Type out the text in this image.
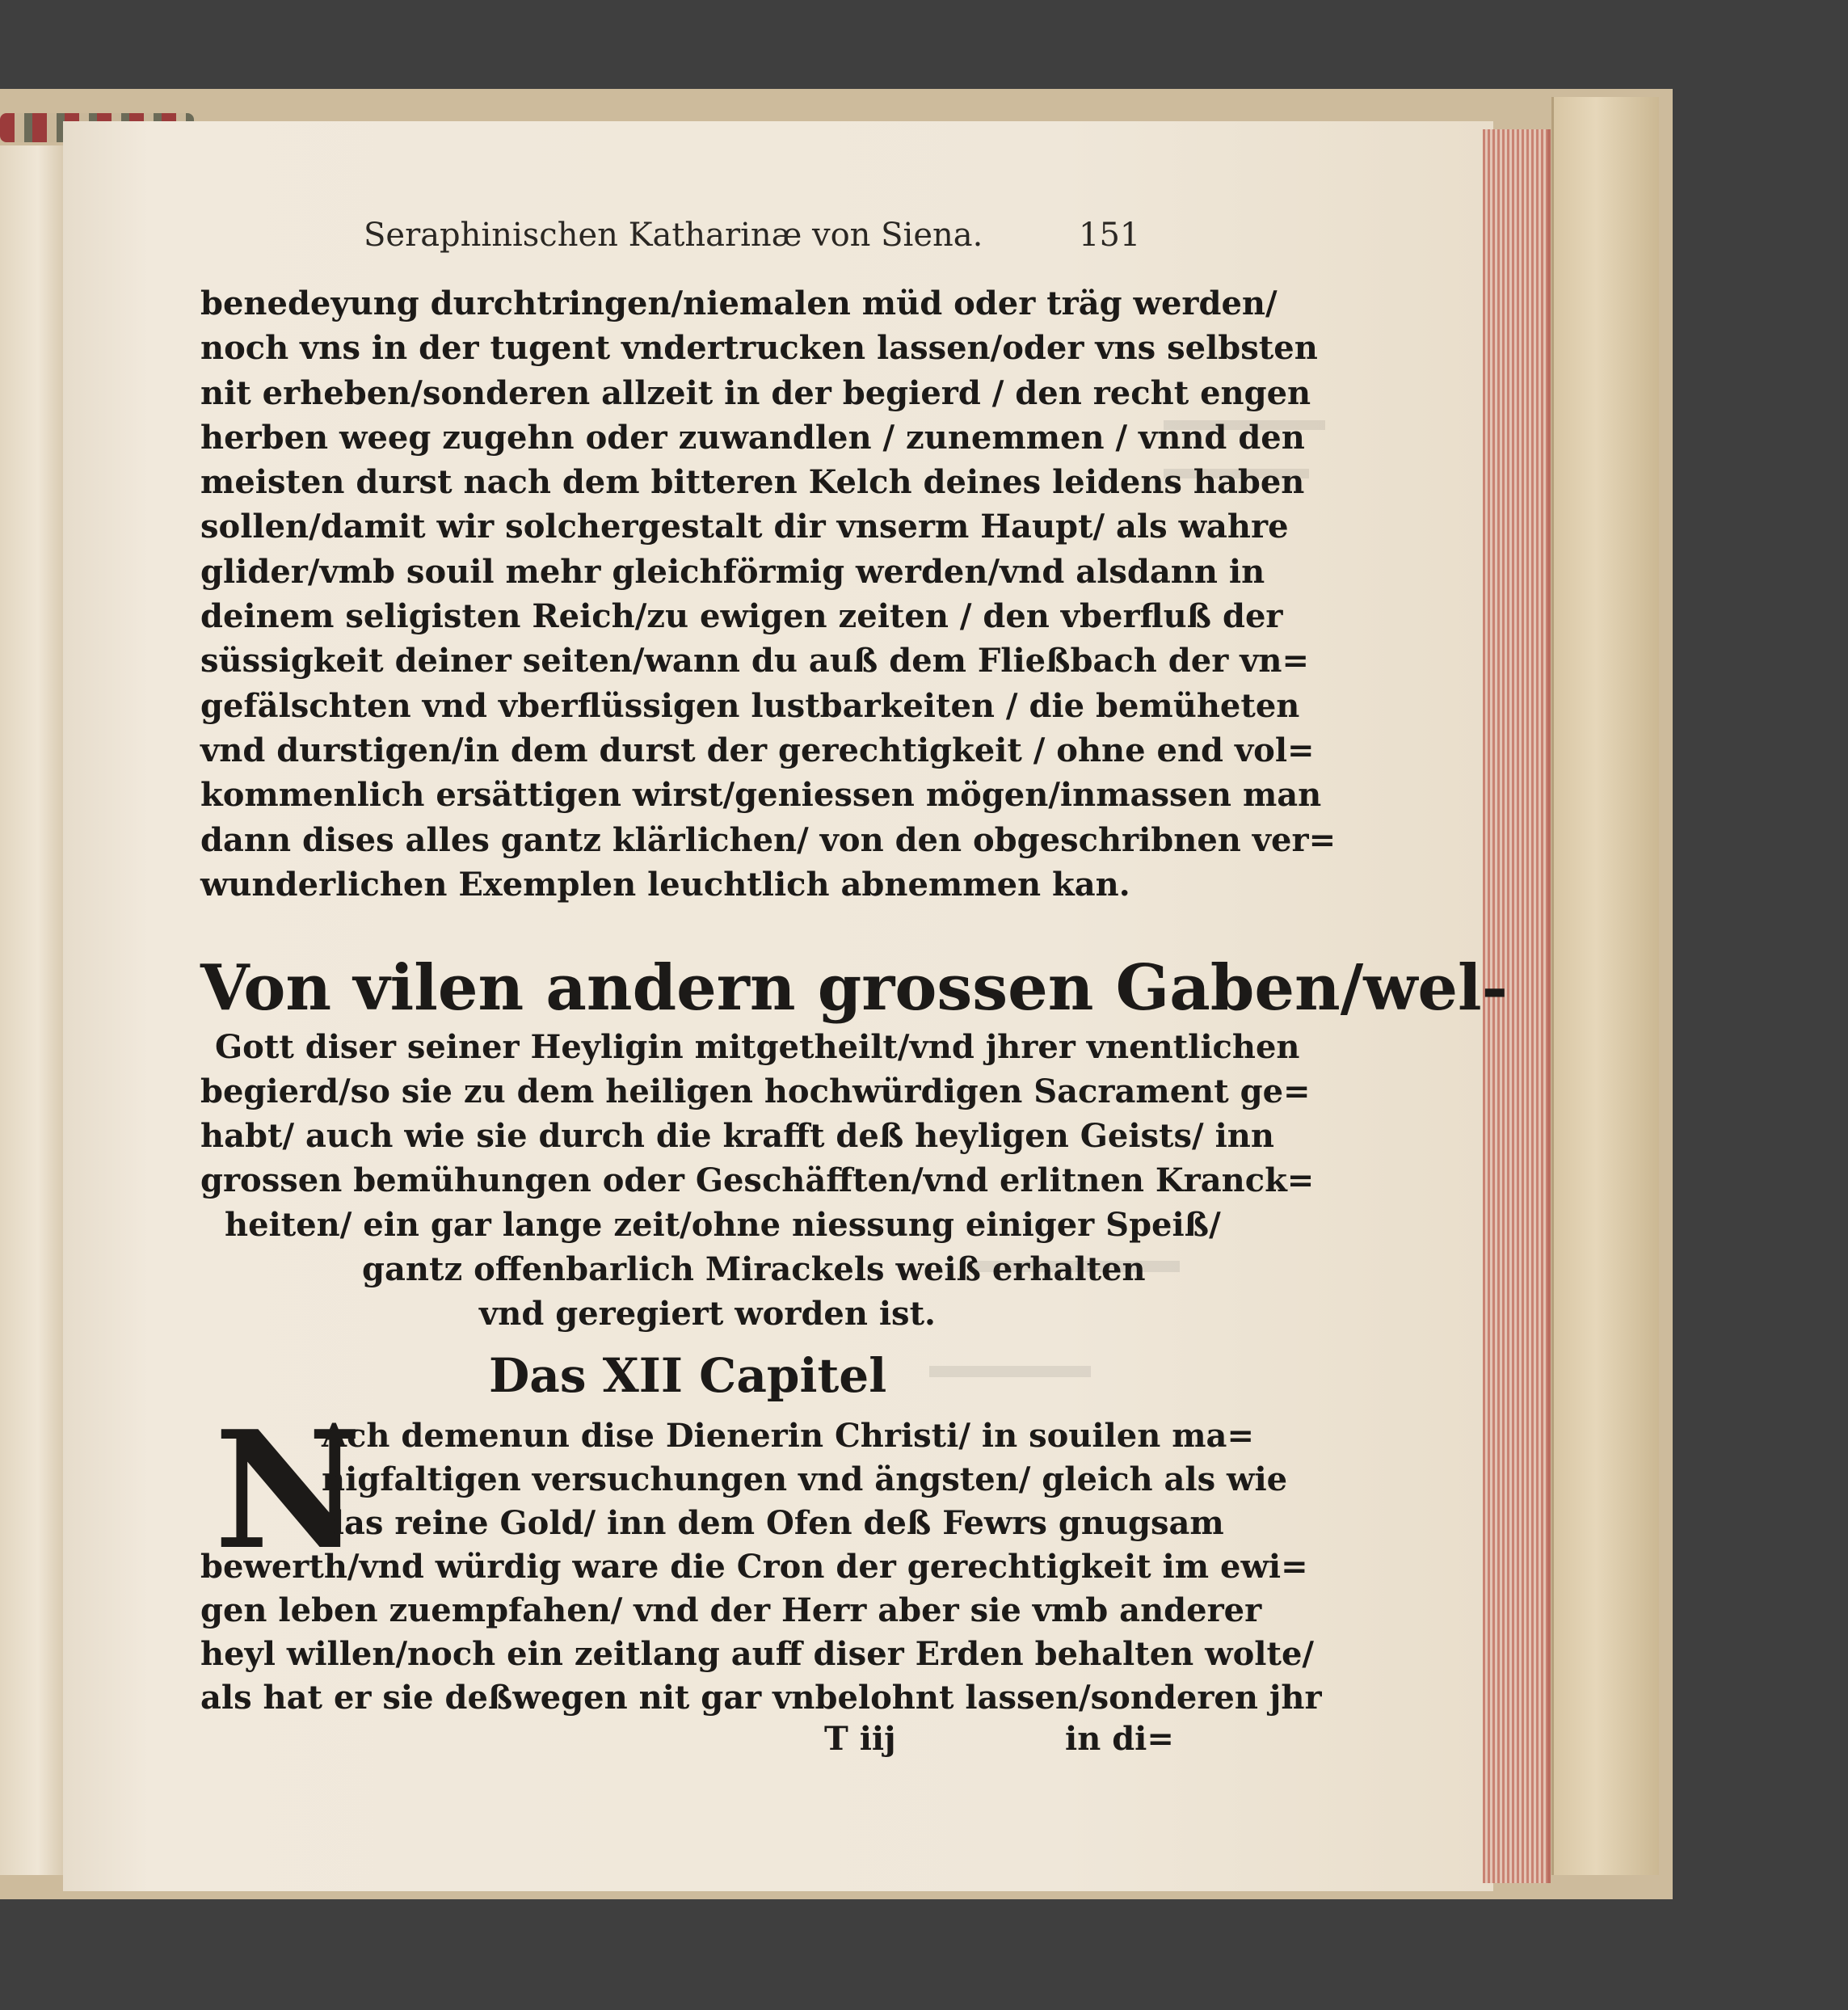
Seraphinischen Katharinæ von Siena.	151
benedeyung durchtringen/niemalen müd oder träg werden/
noch vns in der tugent vndertrucken lassen/oder vns selbsten
nit erheben/sonderen allzeit in der begierd / den recht engen
herben weeg zugehn oder zuwandlen / zunemmen / vnnd den
meisten durst nach dem bitteren Kelch deines leidens haben
sollen/damit wir solchergestalt dir vnserm Haupt/ als wahre
glider/vmb souil mehr gleichförmig werden/vnd alsdann in
deinem seligisten Reich/zu ewigen zeiten / den vberfluß der
süssigkeit deiner seiten/wann du auß dem Fließbach der vn=
gefälschten vnd vberflüssigen lustbarkeiten / die bemüheten
vnd durstigen/in dem durst der gerechtigkeit / ohne end vol=
kommenlich ersättigen wirst/geniessen mögen/inmassen man
dann dises alles gantz klärlichen/ von den obgeschribnen ver=
wunderlichen Exemplen leuchtlich abnemmen kan.
Von vilen andern grossen Gaben/wel-
Gott diser seiner Heyligin mitgetheilt/vnd jhrer vnentlichen
begierd/so sie zu dem heiligen hochwürdigen Sacrament ge=
habt/ auch wie sie durch die krafft deß heyligen Geists/ inn
grossen bemühungen oder Geschäfften/vnd erlitnen Kranck=
heiten/ ein gar lange zeit/ohne niessung einiger Speiß/
gantz offenbarlich Mirackels weiß erhalten
vnd geregiert worden ist.
Das XII Capitel
N
Ach demenun dise Dienerin Christi/ in souilen ma=
nigfaltigen versuchungen vnd ängsten/ gleich als wie
das reine Gold/ inn dem Ofen deß Fewrs gnugsam
bewerth/vnd würdig ware die Cron der gerechtigkeit im ewi=
gen leben zuempfahen/ vnd der Herr aber sie vmb anderer
heyl willen/noch ein zeitlang auff diser Erden behalten wolte/
als hat er sie deßwegen nit gar vnbelohnt lassen/sonderen jhr
T iij	in di=
